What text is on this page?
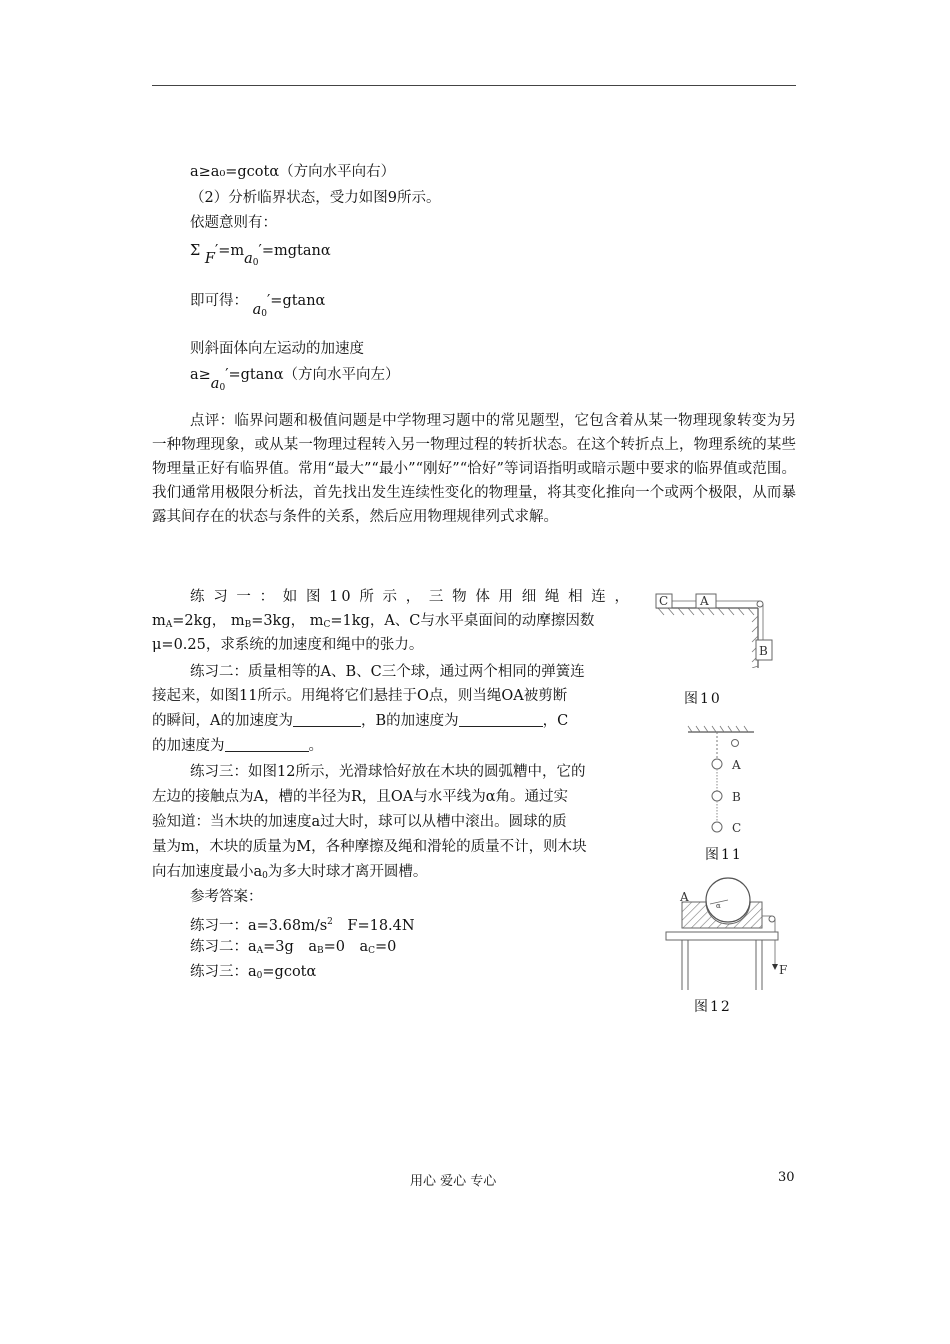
a≥a₀=gcotα（方向水平向右）
（2）分析临界状态，受力如图9所示。
依题意则有：
Σ $F'=ma_0'=mgtan\alpha$
即可得： $a_0'=gtan\alpha$
则斜面体向左运动的加速度
$a\ge a_0'=gtan\alpha$（方向水平向左）
点评：临界问题和极值问题是中学物理习题中的常见题型，它包含着从某一物理现象转变为另一种物理现象，或从某一物理过程转入另一物理过程的转折状态。在这个转折点上，物理系统的某些物理量正好有临界值。常用“最大”“最小”“刚好”“恰好”等词语指明或暗示题中要求的临界值或范围。我们通常用极限分析法，首先找出发生连续性变化的物理量，将其变化推向一个或两个极限，从而暴露其间存在的状态与条件的关系，然后应用物理规律列式求解。
练习一：如图10所示，三物体用细绳相连，
$m_A=2kg$， $m_B=3kg$， $m_C=1kg$，A、C与水平桌面间的动摩擦因数
μ=0.25，求系统的加速度和绳中的张力。
练习二：质量相等的A、B、C三个球，通过两个相同的弹簧连
接起来，如图11所示。用绳将它们悬挂于O点，则当绳OA被剪断
的瞬间，A的加速度为	，B的加速度为	，C
的加速度为	。
练习三：如图12所示，光滑球恰好放在木块的圆弧糟中，它的
左边的接触点为A，槽的半径为R，且OA与水平线为α角。通过实
验知道：当木块的加速度a过大时，球可以从槽中滚出。圆球的质
量为m，木块的质量为M，各种摩擦及绳和滑轮的质量不计，则木块
向右加速度最小$a_0$为多大时球才离开圆槽。
参考答案：
练习一：$a=3.68m/s^2$　F=18.4N
练习二：$a_A=3g$　$a_B=0$　$a_C=0$
练习三：$a_0=gcot\alpha$
C	A
B
图10
A
B
C
图11
A
α
F
图12
用心 爱心 专心	30
